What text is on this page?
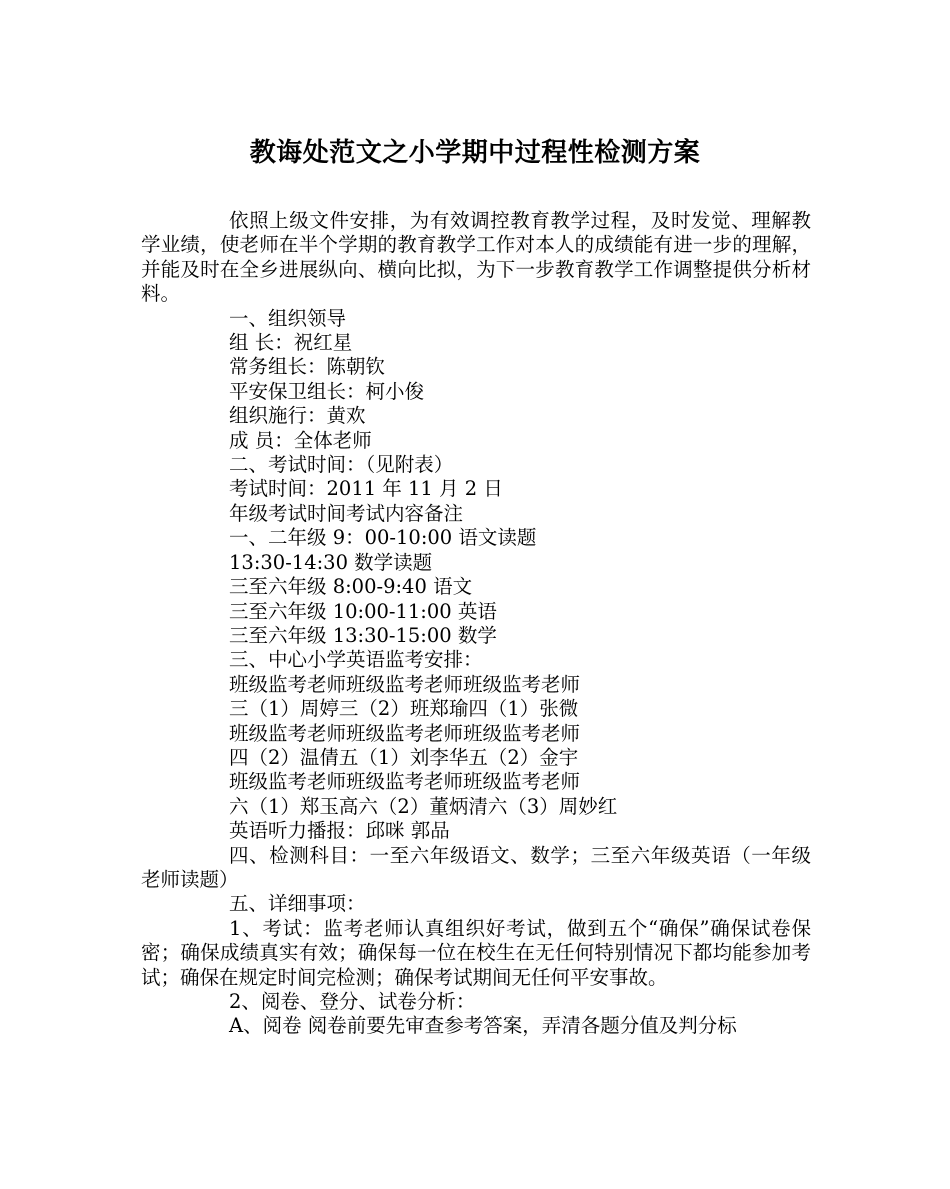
教诲处范文之小学期中过程性检测方案

依照上级文件安排，为有效调控教育教学过程，及时发觉、理解教学业绩，使老师在半个学期的教育教学工作对本人的成绩能有进一步的理解，并能及时在全乡进展纵向、横向比拟，为下一步教育教学工作调整提供分析材料。

一、组织领导
组 长：祝红星
常务组长：陈朝钦
平安保卫组长：柯小俊
组织施行：黄欢
成 员：全体老师
二、考试时间：（见附表）
考试时间：2011 年 11 月 2 日
年级考试时间考试内容备注
一、二年级 9：00-10:00 语文读题
13:30-14:30 数学读题
三至六年级 8:00-9:40 语文
三至六年级 10:00-11:00 英语
三至六年级 13:30-15:00 数学
三、中心小学英语监考安排：
班级监考老师班级监考老师班级监考老师
三（1）周婷三（2）班郑瑜四（1）张微
班级监考老师班级监考老师班级监考老师
四（2）温倩五（1）刘李华五（2）金宇
班级监考老师班级监考老师班级监考老师
六（1）郑玉高六（2）董炳清六（3）周妙红
英语听力播报：邱咪 郭品

四、检测科目：一至六年级语文、数学；三至六年级英语（一年级老师读题）

五、详细事项：

1、考试：监考老师认真组织好考试，做到五个“确保”确保试卷保密；确保成绩真实有效；确保每一位在校生在无任何特别情况下都均能参加考试；确保在规定时间完检测；确保考试期间无任何平安事故。

2、阅卷、登分、试卷分析：

A、阅卷 阅卷前要先审查参考答案，弄清各题分值及判分标
